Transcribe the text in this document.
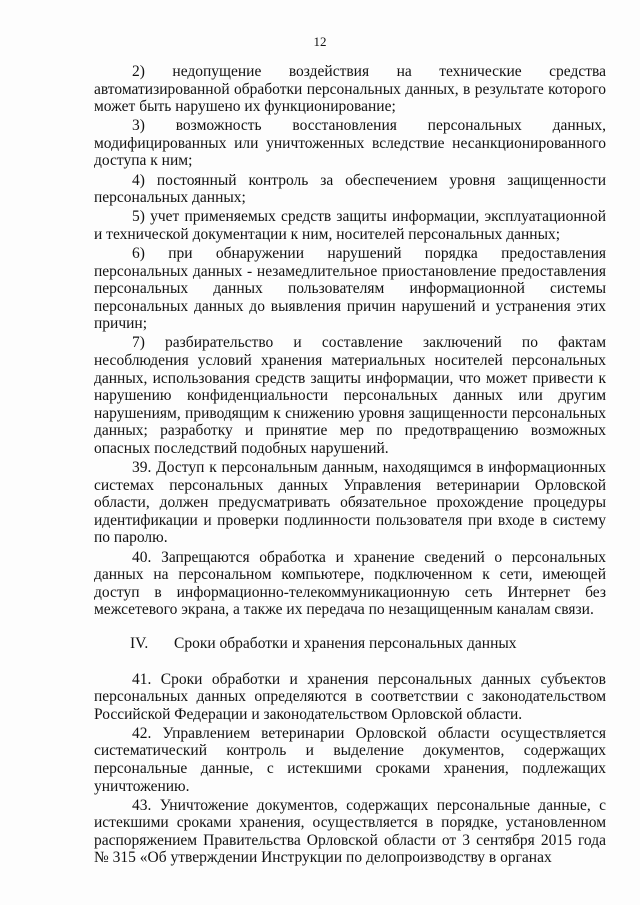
12

2) недопущение воздействия на технические средства автоматизированной обработки персональных данных, в результате которого может быть нарушено их функционирование;

3) возможность восстановления персональных данных, модифицированных или уничтоженных вследствие несанкционированного доступа к ним;

4) постоянный контроль за обеспечением уровня защищенности персональных данных;

5) учет применяемых средств защиты информации, эксплуатационной и технической документации к ним, носителей персональных данных;

6) при обнаружении нарушений порядка предоставления персональных данных - незамедлительное приостановление предоставления персональных данных пользователям информационной системы персональных данных до выявления причин нарушений и устранения этих причин;

7) разбирательство и составление заключений по фактам несоблюдения условий хранения материальных носителей персональных данных, использования средств защиты информации, что может привести к нарушению конфиденциальности персональных данных или другим нарушениям, приводящим к снижению уровня защищенности персональных данных; разработку и принятие мер по предотвращению возможных опасных последствий подобных нарушений.

39. Доступ к персональным данным, находящимся в информационных системах персональных данных Управления ветеринарии Орловской области, должен предусматривать обязательное прохождение процедуры идентификации и проверки подлинности пользователя при входе в систему по паролю.

40. Запрещаются обработка и хранение сведений о персональных данных на персональном компьютере, подключенном к сети, имеющей доступ в информационно-телекоммуникационную сеть Интернет без межсетевого экрана, а также их передача по незащищенным каналам связи.

IV.	Сроки обработки и хранения персональных данных

41. Сроки обработки и хранения персональных данных субъектов персональных данных определяются в соответствии с законодательством Российской Федерации и законодательством Орловской области.

42. Управлением ветеринарии Орловской области осуществляется систематический контроль и выделение документов, содержащих персональные данные, с истекшими сроками хранения, подлежащих уничтожению.

43. Уничтожение документов, содержащих персональные данные, с истекшими сроками хранения, осуществляется в порядке, установленном распоряжением Правительства Орловской области от 3 сентября 2015 года № 315 «Об утверждении Инструкции по делопроизводству в органах
